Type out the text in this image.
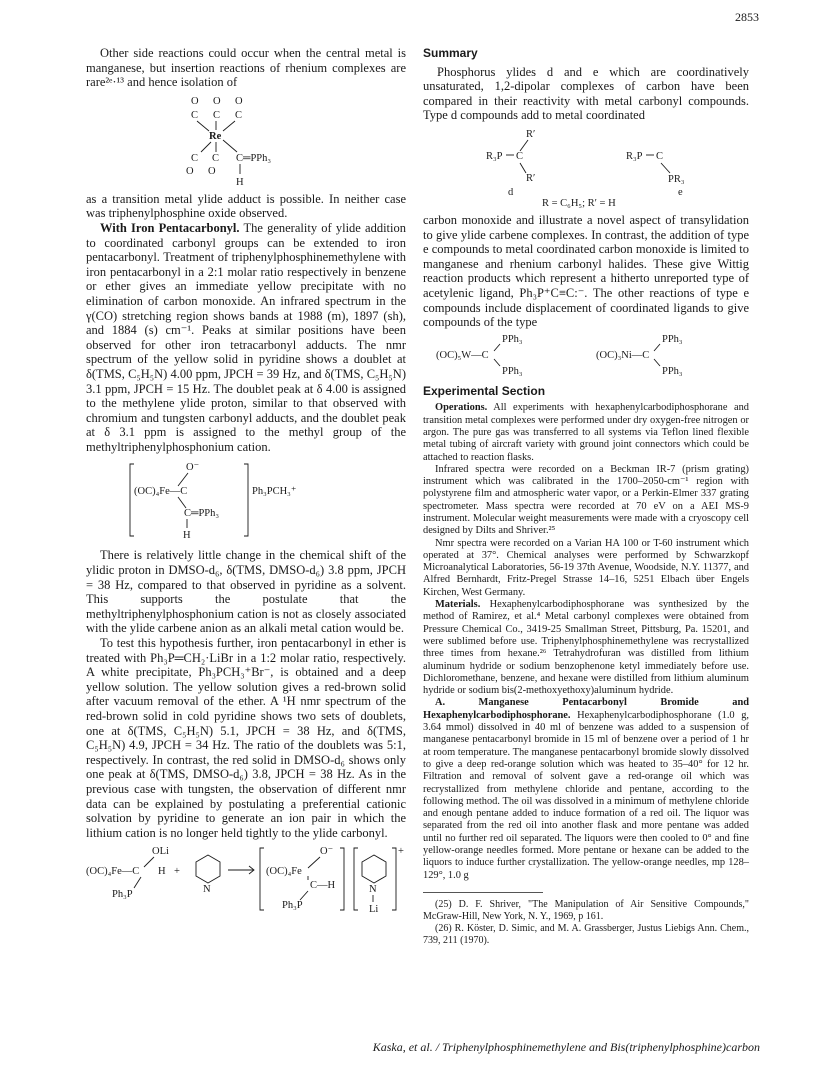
2853

Other side reactions could occur when the central metal is manganese, but insertion reactions of rhenium complexes are rare²ᵉ·¹³ and hence isolation of

O O O
C C C
Re
C C C═PPh₃
O O
H

as a transition metal ylide adduct is possible. In neither case was triphenylphosphine oxide observed.

With Iron Pentacarbonyl. The generality of ylide addition to coordinated carbonyl groups can be extended to iron pentacarbonyl. Treatment of triphenylphosphinemethylene with iron pentacarbonyl in a 2:1 molar ratio respectively in benzene or ether gives an immediate yellow precipitate with no elimination of carbon monoxide. An infrared spectrum in the γ(CO) stretching region shows bands at 1988 (m), 1897 (sh), and 1884 (s) cm⁻¹. Peaks at similar positions have been observed for other iron tetracarbonyl adducts. The nmr spectrum of the yellow solid in pyridine shows a doublet at δ(TMS, C₅H₅N) 4.00 ppm, JPCH = 39 Hz, and δ(TMS, C₅H₅N) 3.1 ppm, JPCH = 15 Hz. The doublet peak at δ 4.00 is assigned to the methylene ylide proton, similar to that observed with chromium and tungsten carbonyl adducts, and the doublet peak at δ 3.1 ppm is assigned to the methyl group of the methyltriphenylphosphonium cation.

O⁻
(OC)₄Fe—C
C═PPh₃
H
Ph₃PCH₃⁺

There is relatively little change in the chemical shift of the ylidic proton in DMSO-d₆, δ(TMS, DMSO-d₆) 3.8 ppm, JPCH = 38 Hz, compared to that observed in pyridine as a solvent. This supports the postulate that the methyltriphenylphosphonium cation is not as closely associated with the ylide carbene anion as an alkali metal cation would be.

To test this hypothesis further, iron pentacarbonyl in ether is treated with Ph₃P═CH₂·LiBr in a 1:2 molar ratio, respectively. A white precipitate, Ph₃PCH₃⁺Br⁻, is obtained and a deep yellow solution. The yellow solution gives a red-brown solid after vacuum removal of the ether. A ¹H nmr spectrum of the red-brown solid in cold pyridine shows two sets of doublets, one at δ(TMS, C₅H₅N) 5.1, JPCH = 38 Hz, and δ(TMS, C₅H₅N) 4.9, JPCH = 34 Hz. The ratio of the doublets was 5:1, respectively. In contrast, the red solid in DMSO-d₆ shows only one peak at δ(TMS, DMSO-d₆) 3.8, JPCH = 38 Hz. As in the previous case with tungsten, the observation of different nmr data can be explained by postulating a preferential cationic solvation by pyridine to generate an ion pair in which the lithium cation is no longer held tightly to the ylide carbonyl.

OLi
(OC)₄Fe—C H
Ph₃P
+
N
(OC)₄Fe
O⁻
C—H
Ph₃P
N
Li
+
Summary

Phosphorus ylides d and e which are coordinatively unsaturated, 1,2-dipolar complexes of carbon have been compared in their reactivity with metal carbonyl compounds. Type d compounds add to metal coordinated

R′
R₃P C
R′
d
R₃P C
PR₃
e
R = C₆H₅; R′ = H

carbon monoxide and illustrate a novel aspect of transylidation to give ylide carbene complexes. In contrast, the addition of type e compounds to metal coordinated carbon monoxide is limited to manganese and rhenium carbonyl halides. These give Wittig reaction products which represent a hitherto unreported type of acetylenic ligand, Ph₃P⁺C≡C:⁻. The other reactions of type e compounds include displacement of coordinated ligands to give compounds of the type

PPh₃
(OC)₅W—C
PPh₃
PPh₃
(OC)₃Ni—C
PPh₃
Experimental Section

Operations. All experiments with hexaphenylcarbodiphosphorane and transition metal complexes were performed under dry oxygen-free nitrogen or argon. The pure gas was transferred to all systems via Teflon lined flexible metal tubing of aircraft variety with ground joint connectors which could be attached to reaction flasks.

Infrared spectra were recorded on a Beckman IR-7 (prism grating) instrument which was calibrated in the 1700–2050-cm⁻¹ region with polystyrene film and atmospheric water vapor, or a Perkin-Elmer 337 grating spectrometer. Mass spectra were recorded at 70 eV on a AEI MS-9 instrument. Molecular weight measurements were made with a cryoscopy cell designed by Dilts and Shriver.²⁵

Nmr spectra were recorded on a Varian HA 100 or T-60 instrument which operated at 37°. Chemical analyses were performed by Schwarzkopf Microanalytical Laboratories, 56-19 37th Avenue, Woodside, N.Y. 11377, and Alfred Bernhardt, Fritz-Pregel Strasse 14–16, 5251 Elbach über Engels Kirchen, West Germany.

Materials. Hexaphenylcarbodiphosphorane was synthesized by the method of Ramirez, et al.⁴ Metal carbonyl complexes were obtained from Pressure Chemical Co., 3419-25 Smallman Street, Pittsburg, Pa. 15201, and were sublimed before use. Triphenylphosphinemethylene was recrystallized three times from hexane.²⁶ Tetrahydrofuran was distilled from lithium aluminum hydride or sodium benzophenone ketyl immediately before use. Dichloromethane, benzene, and hexane were distilled from lithium aluminum hydride or sodium bis(2-methoxyethoxy)aluminum hydride.

A. Manganese Pentacarbonyl Bromide and Hexaphenylcarbodiphosphorane. Hexaphenylcarbodiphosphorane (1.0 g, 3.64 mmol) dissolved in 40 ml of benzene was added to a suspension of manganese pentacarbonyl bromide in 15 ml of benzene over a period of 1 hr at room temperature. The manganese pentacarbonyl bromide slowly dissolved to give a deep red-orange solution which was heated to 35–40° for 12 hr. Filtration and removal of solvent gave a red-orange oil which was recrystallized from methylene chloride and pentane, according to the following method. The oil was dissolved in a minimum of methylene chloride and enough pentane added to induce formation of a red oil. The liquor was separated from the red oil into another flask and more pentane was added until no further red oil separated. The liquors were then cooled to 0° and fine yellow-orange needles formed. More pentane or hexane can be added to the liquors to induce further crystallization. The yellow-orange needles, mp 128–129°, 1.0 g

(25) D. F. Shriver, "The Manipulation of Air Sensitive Compounds," McGraw-Hill, New York, N. Y., 1969, p 161.

(26) R. Köster, D. Simic, and M. A. Grassberger, Justus Liebigs Ann. Chem., 739, 211 (1970).

Kaska, et al. / Triphenylphosphinemethylene and Bis(triphenylphosphine)carbon
